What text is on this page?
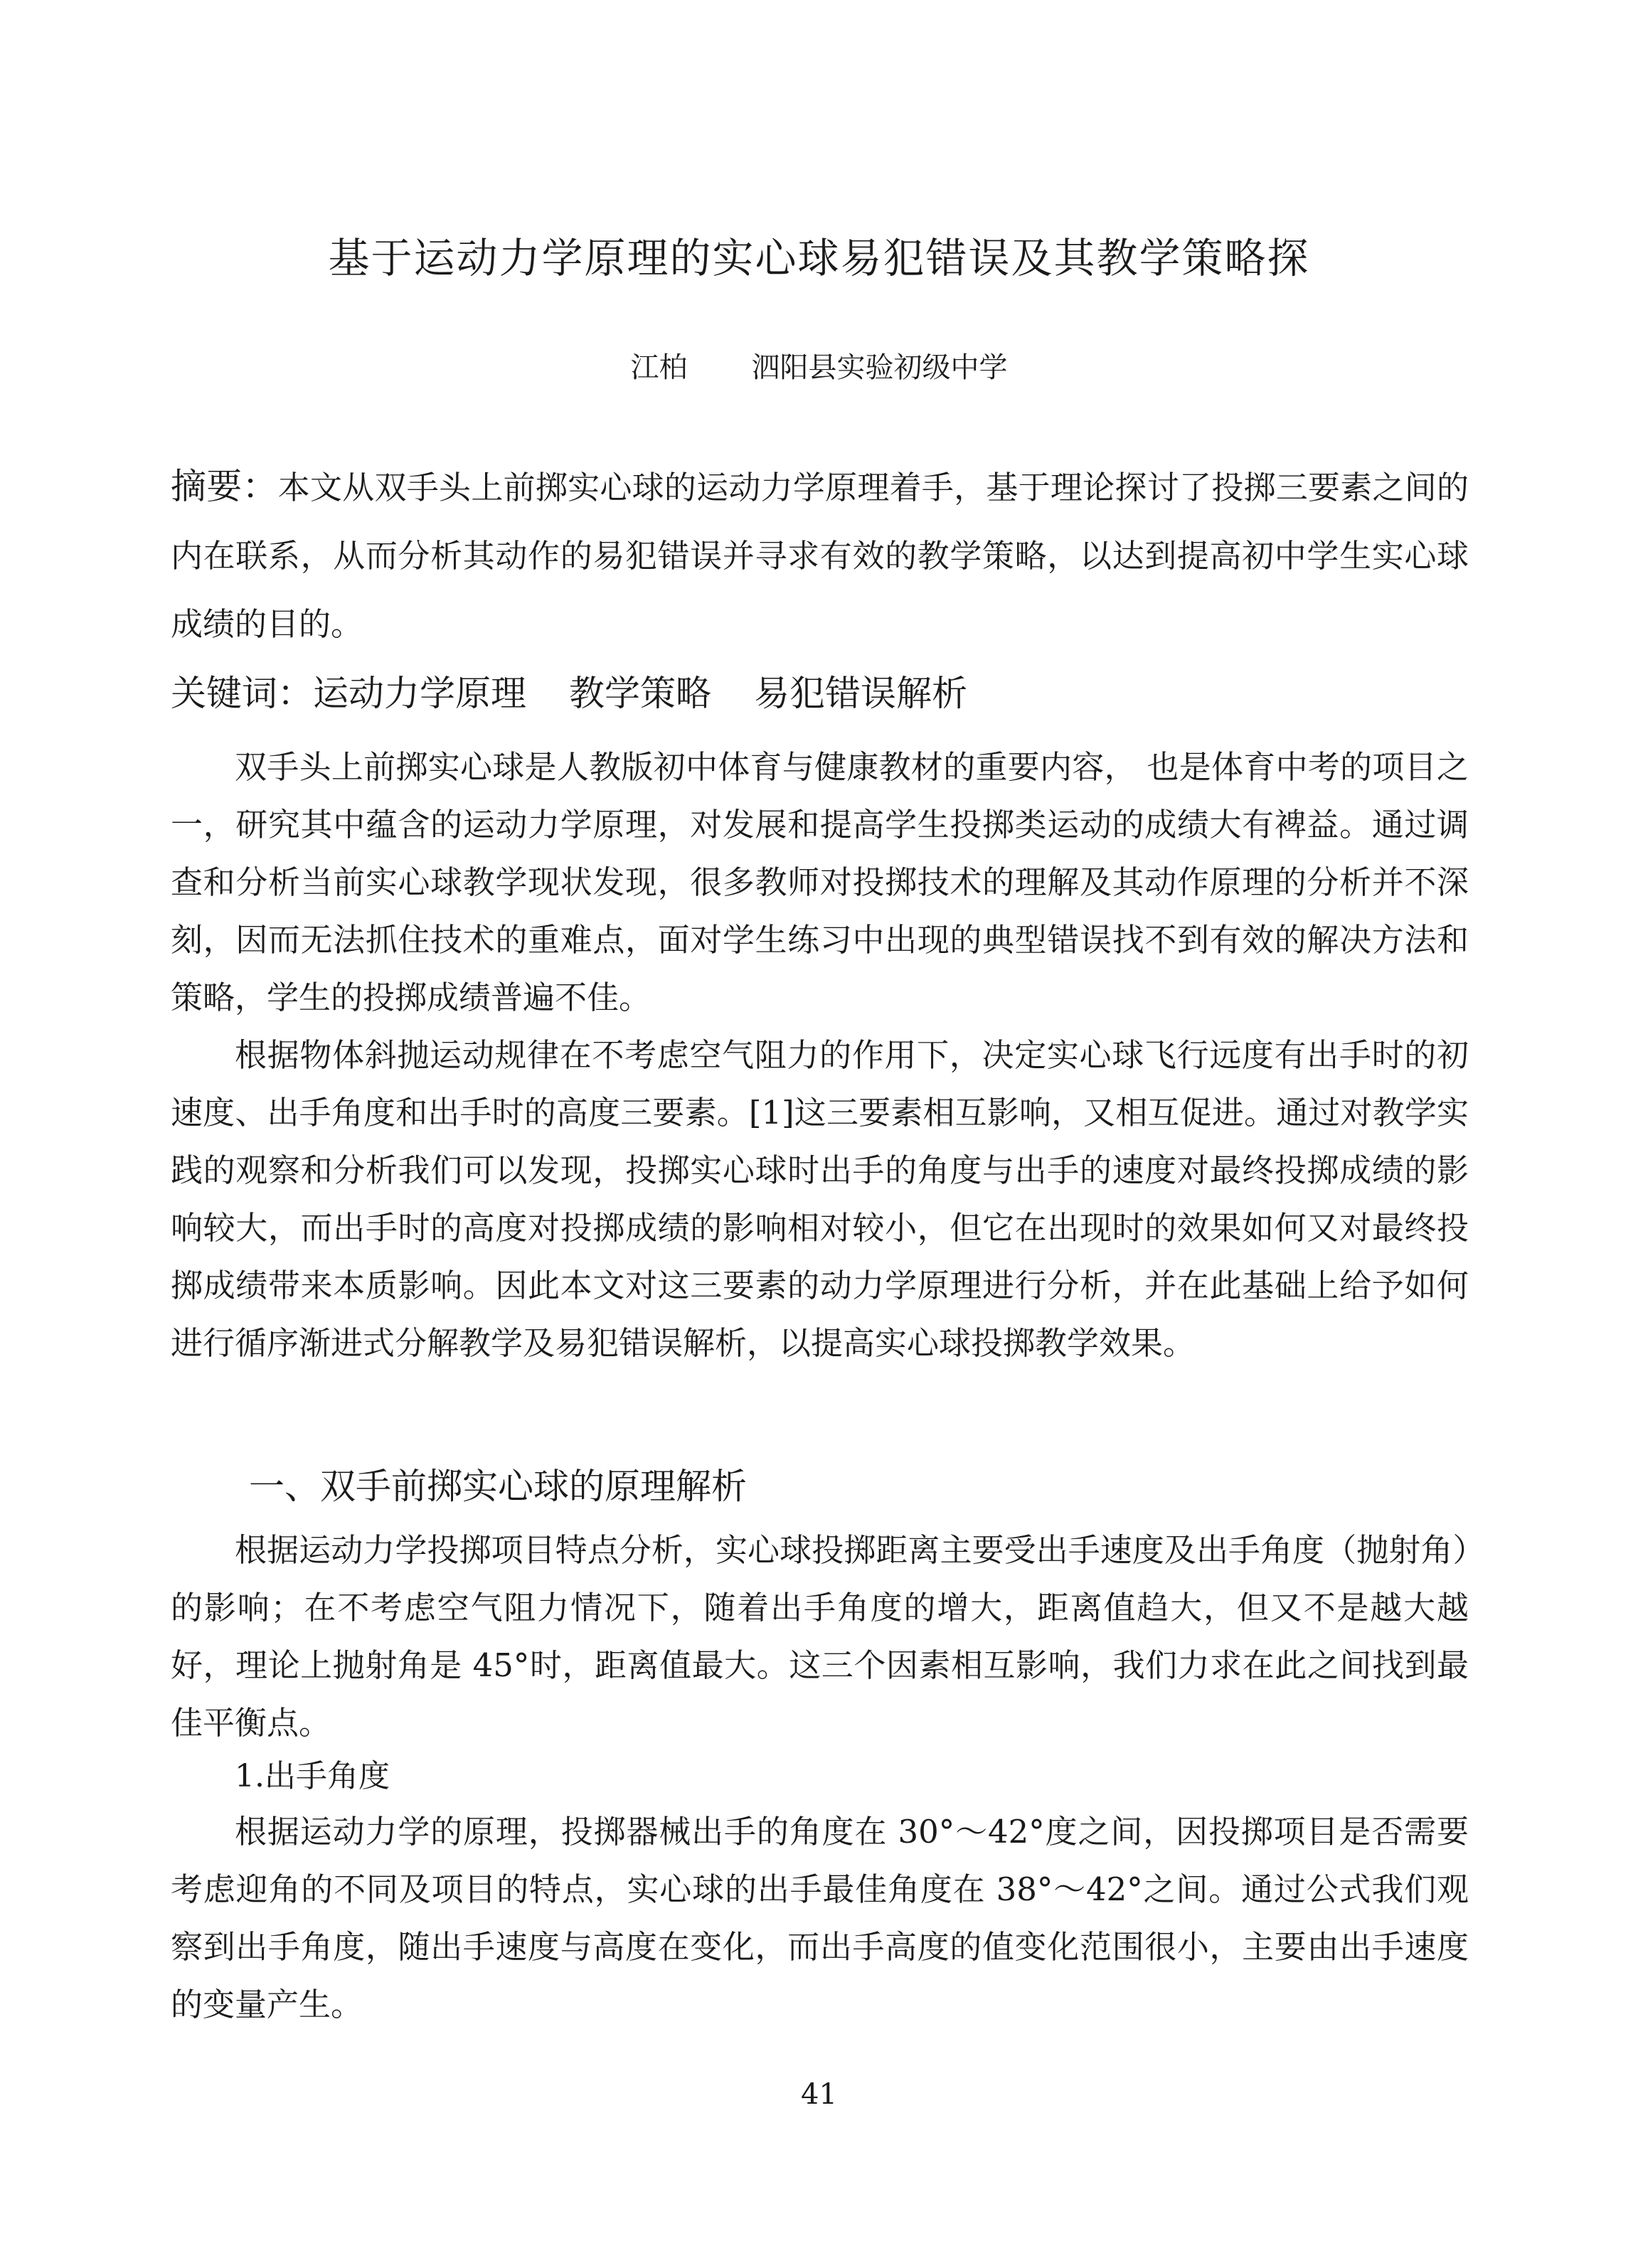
基于运动力学原理的实心球易犯错误及其教学策略探

江柏 泗阳县实验初级中学

摘要：本文从双手头上前掷实心球的运动力学原理着手，基于理论探讨了投掷三要素之间的内在联系，从而分析其动作的易犯错误并寻求有效的教学策略，以达到提高初中学生实心球成绩的目的。

关键词：运动力学原理 教学策略 易犯错误解析

双手头上前掷实心球是人教版初中体育与健康教材的重要内容， 也是体育中考的项目之一，研究其中蕴含的运动力学原理，对发展和提高学生投掷类运动的成绩大有裨益。通过调查和分析当前实心球教学现状发现，很多教师对投掷技术的理解及其动作原理的分析并不深刻，因而无法抓住技术的重难点，面对学生练习中出现的典型错误找不到有效的解决方法和策略，学生的投掷成绩普遍不佳。

根据物体斜抛运动规律在不考虑空气阻力的作用下，决定实心球飞行远度有出手时的初速度、出手角度和出手时的高度三要素。[1]这三要素相互影响，又相互促进。通过对教学实践的观察和分析我们可以发现，投掷实心球时出手的角度与出手的速度对最终投掷成绩的影响较大，而出手时的高度对投掷成绩的影响相对较小，但它在出现时的效果如何又对最终投掷成绩带来本质影响。因此本文对这三要素的动力学原理进行分析，并在此基础上给予如何进行循序渐进式分解教学及易犯错误解析，以提高实心球投掷教学效果。

一、双手前掷实心球的原理解析

根据运动力学投掷项目特点分析，实心球投掷距离主要受出手速度及出手角度（抛射角）的影响；在不考虑空气阻力情况下，随着出手角度的增大，距离值趋大，但又不是越大越好，理论上抛射角是 45°时，距离值最大。这三个因素相互影响，我们力求在此之间找到最佳平衡点。

1.出手角度

根据运动力学的原理，投掷器械出手的角度在 30°～42°度之间，因投掷项目是否需要考虑迎角的不同及项目的特点，实心球的出手最佳角度在 38°～42°之间。通过公式我们观察到出手角度，随出手速度与高度在变化，而出手高度的值变化范围很小，主要由出手速度的变量产生。

41
